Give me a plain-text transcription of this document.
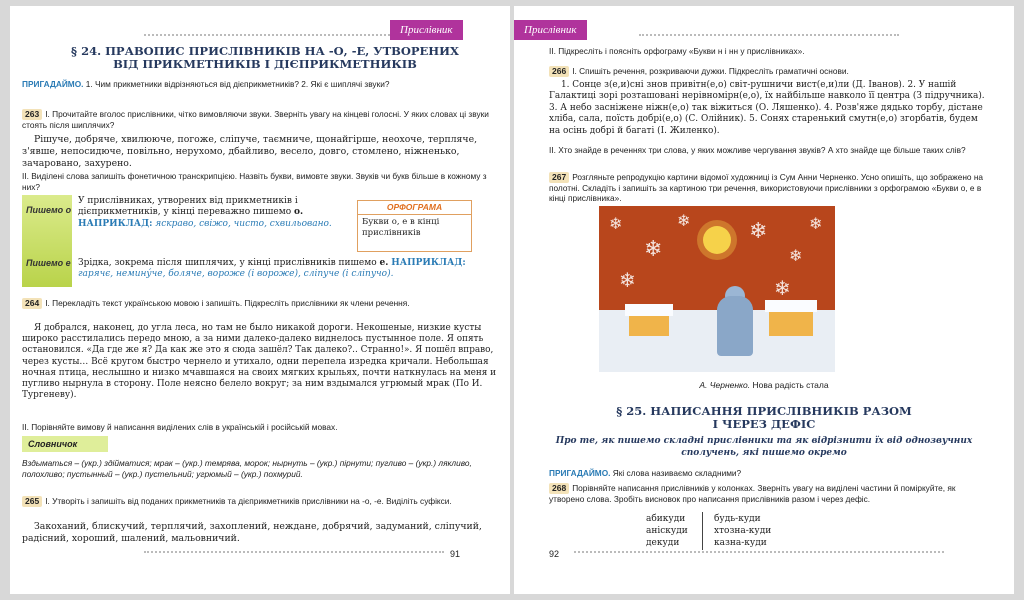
Прислівник
§ 24. ПРАВОПИС ПРИСЛІВНИКІВ НА -О, -Е, УТВОРЕНИХ
ВІД ПРИКМЕТНИКІВ І ДІЄПРИКМЕТНИКІВ
ПРИГАДАЙМО. 1. Чим прикметники відрізняються від дієприкметників? 2. Які є шиплячі звуки?
263 І. Прочитайте вголос прислівники, чітко вимовляючи звуки. Зверніть увагу на кінцеві голосні. У яких словах ці звуки стоять після шиплячих?
Рішуче, добряче, хвилююче, погоже, сліпуче, таємниче, щонайгірше, неохоче, терпляче, з'явше, непосидюче, повільно, нерухомо, дбайливо, весело, довго, стомлено, ніжненько, зачаровано, захурено.
ІІ. Виділені слова запишіть фонетичною транскрипцією. Назвіть букви, вимовте звуки. Звуків чи букв більше в кожному з них?
Пишемо о
Пишемо е
У прислівниках, утворених від прикметників і дієприкметників, у кінці переважно пишемо о. НАПРИКЛАД: яскраво, свіжо, чисто, схвильовано.
Зрідка, зокрема після шиплячих, у кінці прислівників пишемо е. НАПРИКЛАД: гарячє, немину́че, боляче, вороже (і вороже), сліпуче (і сліпучо).
ОРФОГРАМА
Букви о, е в кінці прислівників
264 І. Перекладіть текст українською мовою і запишіть. Підкресліть прислівники як члени речення.
Я добрался, наконец, до угла леса, но там не было никакой дороги. Некошеные, низкие кусты широко расстилались передо мною, а за ними далеко-далеко виднелось пустынное поле. Я опять остановился. «Да где же я? Да как же это я сюда зашёл? Так далеко?.. Странно!». Я пошёл вправо, через кусты… Всё кругом быстро чернело и утихало, одни перепела изредка кричали. Небольшая ночная птица, неслышно и низко мчавшаяся на своих мягких крыльях, почти наткнулась на меня и пугливо нырнула в сторону. Поле неясно белело вокруг; за ним вздымался угрюмый мрак (По И. Тургеневу).
ІІ. Порівняйте вимову й написання виділених слів в українській і російській мовах.
Словничок
Вздыматься – (укр.) здійматися; мрак – (укр.) темрява, морок; нырнуть – (укр.) пірнути; пугливо – (укр.) лякливо, полохливо; пустынный – (укр.) пустельний; угрюмый – (укр.) похмурий.
265 І. Утворіть і запишіть від поданих прикметників та дієприкметників прислівники на -о, -е. Виділіть суфікси.
Закоханий, блискучий, терплячий, захоплений, неждане, добрячий, задуманий, сліпучий, радісний, хороший, шалений, мальовничий.
91
Прислівник
ІІ. Підкресліть і поясніть орфограму «Букви н і нн у прислівниках».
266 І. Спишіть речення, розкриваючи дужки. Підкресліть граматичні основи.
1. Сонце з(е,и)сні знов привітн(е,о) світ-рушничи вист(е,и)ли (Д. Іванов). 2. У нашій Галактиці зорі розташовані нерівномірн(е,о), їх найбільше навколо її центра (З підручника). 3. А небо засніжене ніжн(е,о) так віжиться (О. Ляшенко). 4. Розв'яже дядько торбу, дістане хліба, сала, поїсть добрі(е,о) (С. Олійник). 5. Сонях старенький смутн(е,о) згорбатів, будем на осінь добрі й багаті (І. Жиленко).
ІІ. Хто знайде в реченнях три слова, у яких можливе чергування звуків? А хто знайде ще більше таких слів?
267 Розгляньте репродукцію картини відомої художниці із Сум Анни Черненко. Усно опишіть, що зображено на полотні. Складіть і запишіть за картиною три речення, використовуючи прислівники з орфограмою «Букви о, е в кінці прислівника».
❄
❄
❄	❄
❄
❄
❄	❄
А. Черненко. Нова радість стала
§ 25. НАПИСАННЯ ПРИСЛІВНИКІВ РАЗОМ
І ЧЕРЕЗ ДЕФІС
Про те, як пишемо складні прислівники та як відрізнити їх від однозвучних сполучень, які пишемо окремо
ПРИГАДАЙМО. Які слова називаємо складними?
268 Порівняйте написання прислівників у колонках. Зверніть увагу на виділені частини й поміркуйте, як утворено слова. Зробіть висновок про написання прислівників разом і через дефіс.
абикуди
аніскуди
декуди
будь-куди
хтозна-куди
казна-куди
92
